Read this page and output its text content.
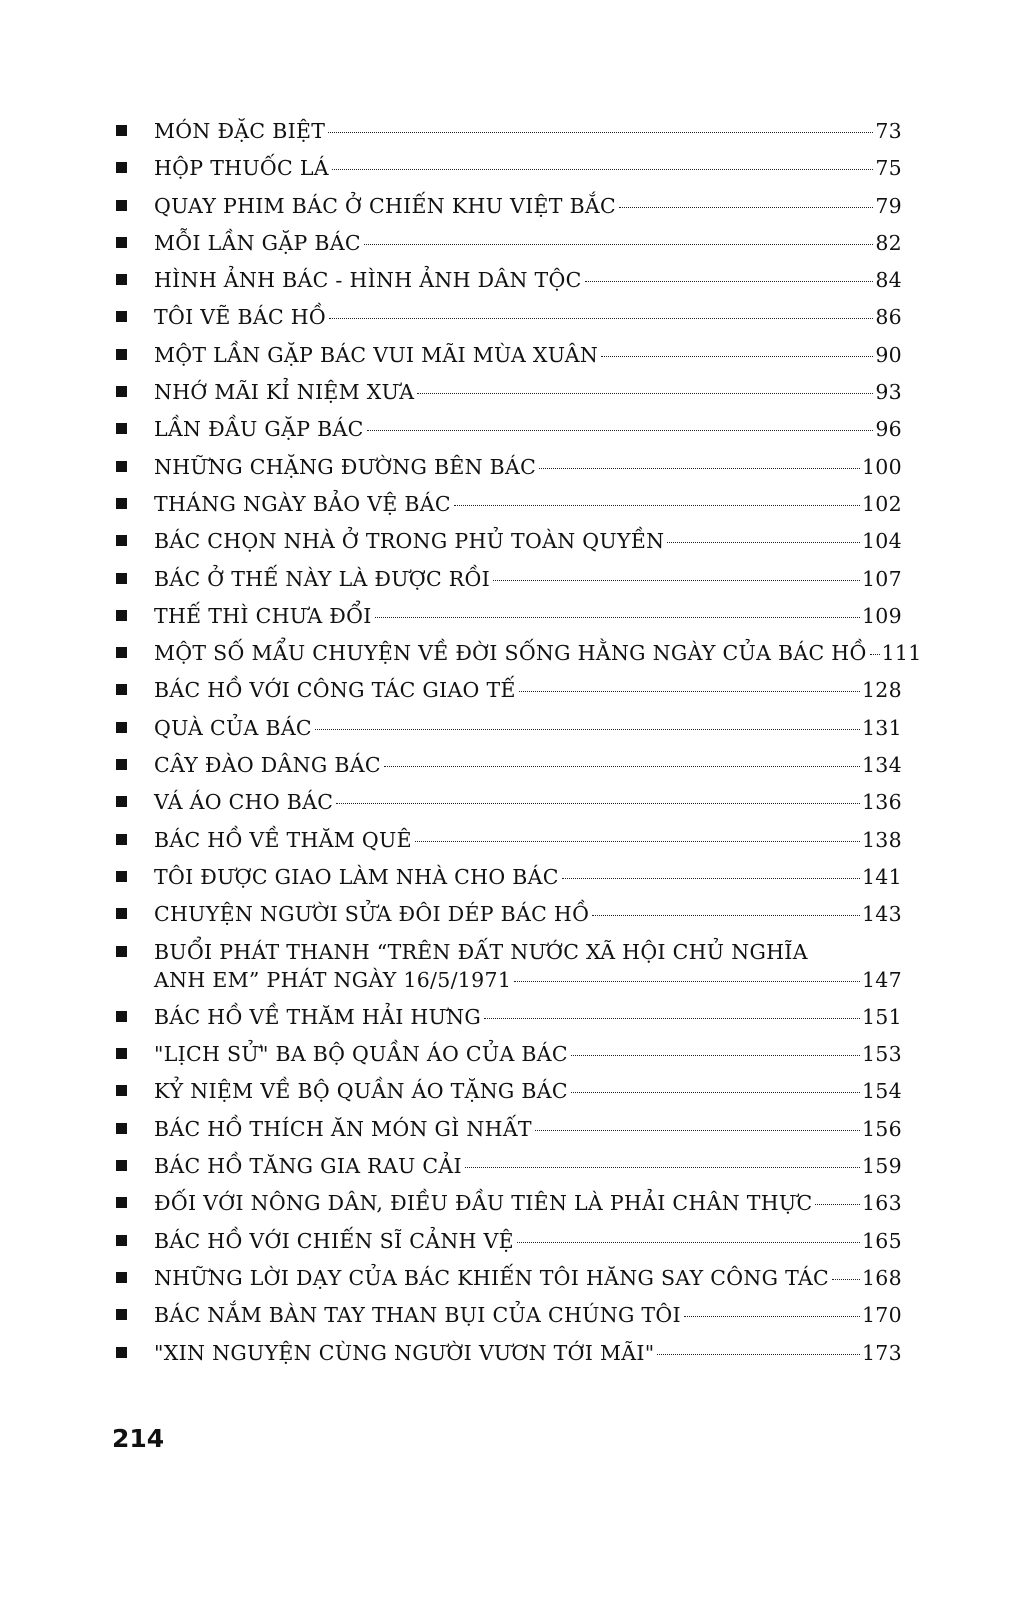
MÓN ĐẶC BIỆT	73
HỘP THUỐC LÁ	75
QUAY PHIM BÁC Ở CHIẾN KHU VIỆT BẮC	79
MỖI LẦN GẶP BÁC	82
HÌNH ẢNH BÁC - HÌNH ẢNH DÂN TỘC	84
TÔI VẼ BÁC HỒ	86
MỘT LẦN GẶP BÁC VUI MÃI MÙA XUÂN	90
NHỚ MÃI KỈ NIỆM XƯA	93
LẦN ĐẦU GẶP BÁC	96
NHỮNG CHẶNG ĐƯỜNG BÊN BÁC	100
THÁNG NGÀY BẢO VỆ BÁC	102
BÁC CHỌN NHÀ Ở TRONG PHỦ TOÀN QUYỀN	104
BÁC Ở THẾ NÀY LÀ ĐƯỢC RỒI	107
THẾ THÌ CHƯA ĐỔI	109
MỘT SỐ MẨU CHUYỆN VỀ ĐỜI SỐNG HẰNG NGÀY CỦA BÁC HỒ 111
BÁC HỒ VỚI CÔNG TÁC GIAO TẾ	128
QUÀ CỦA BÁC	131
CÂY ĐÀO DÂNG BÁC	134
VÁ ÁO CHO BÁC	136
BÁC HỒ VỀ THĂM QUÊ	138
TÔI ĐƯỢC GIAO LÀM NHÀ CHO BÁC	141
CHUYỆN NGƯỜI SỬA ĐÔI DÉP BÁC HỒ	143
BUỔI PHÁT THANH “TRÊN ĐẤT NƯỚC XÃ HỘI CHỦ NGHĨA
ANH EM” PHÁT NGÀY 16/5/1971	147
BÁC HỒ VỀ THĂM HẢI HƯNG	151
"LỊCH SỬ" BA BỘ QUẦN ÁO CỦA BÁC	153
KỶ NIỆM VỀ BỘ QUẦN ÁO TẶNG BÁC	154
BÁC HỒ THÍCH ĂN MÓN GÌ NHẤT	156
BÁC HỒ TĂNG GIA RAU CẢI	159
ĐỐI VỚI NÔNG DÂN, ĐIỀU ĐẦU TIÊN LÀ PHẢI CHÂN THỰC 163
BÁC HỒ VỚI CHIẾN SĨ CẢNH VỆ	165
NHỮNG LỜI DẠY CỦA BÁC KHIẾN TÔI HĂNG SAY CÔNG TÁC 168
BÁC NẮM BÀN TAY THAN BỤI CỦA CHÚNG TÔI	170
"XIN NGUYỆN CÙNG NGƯỜI VƯƠN TỚI MÃI"	173
214
